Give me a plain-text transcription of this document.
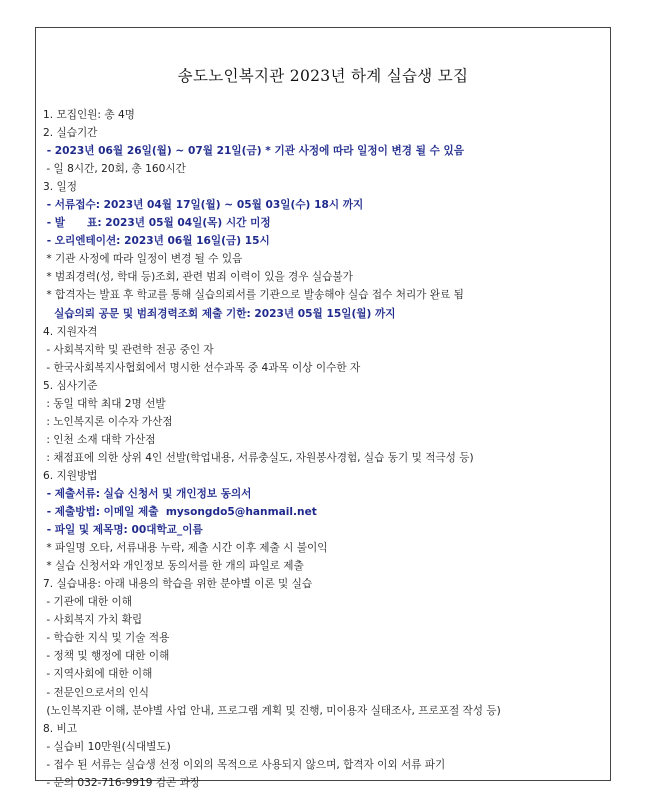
송도노인복지관 2023년 하계 실습생 모집
1. 모집인원: 총 4명
2. 실습기간
- 2023년 06월 26일(월) ~ 07월 21일(금) * 기관 사정에 따라 일정이 변경 될 수 있음
- 일 8시간, 20회, 총 160시간
3. 일정
- 서류접수: 2023년 04월 17일(월) ~ 05월 03일(수) 18시 까지
- 발      표: 2023년 05월 04일(목) 시간 미정
- 오리엔테이션: 2023년 06월 16일(금) 15시
* 기관 사정에 따라 일정이 변경 될 수 있음
* 범죄경력(성, 학대 등)조회, 관련 범죄 이력이 있을 경우 실습불가
* 합격자는 발표 후 학교를 통해 실습의뢰서를 기관으로 발송해야 실습 접수 처리가 완료 됨
실습의뢰 공문 및 범죄경력조회 제출 기한: 2023년 05월 15일(월) 까지
4. 지원자격
- 사회복지학 및 관련학 전공 중인 자
- 한국사회복지사협회에서 명시한 선수과목 중 4과목 이상 이수한 자
5. 심사기준
: 동일 대학 최대 2명 선발
: 노인복지론 이수자 가산점
: 인천 소재 대학 가산점
: 채점표에 의한 상위 4인 선발(학업내용, 서류충실도, 자원봉사경험, 실습 동기 및 적극성 등)
6. 지원방법
- 제출서류: 실습 신청서 및 개인정보 동의서
- 제출방법: 이메일 제출  mysongdo5@hanmail.net
- 파일 및 제목명: 00대학교_이름
* 파일명 오타, 서류내용 누락, 제출 시간 이후 제출 시 불이익
* 실습 신청서와 개인정보 동의서를 한 개의 파일로 제출
7. 실습내용: 아래 내용의 학습을 위한 분야별 이론 및 실습
- 기관에 대한 이해
- 사회복지 가치 확립
- 학습한 지식 및 기술 적용
- 정책 및 행정에 대한 이해
- 지역사회에 대한 이해
- 전문인으로서의 인식
(노인복지관 이해, 분야별 사업 안내, 프로그램 계획 및 진행, 미이용자 실태조사, 프로포절 작성 등)
8. 비고
- 실습비 10만원(식대별도)
- 접수 된 서류는 실습생 선정 이외의 목적으로 사용되지 않으며, 합격자 이외 서류 파기
- 문의 032-716-9919 김곤 과장
